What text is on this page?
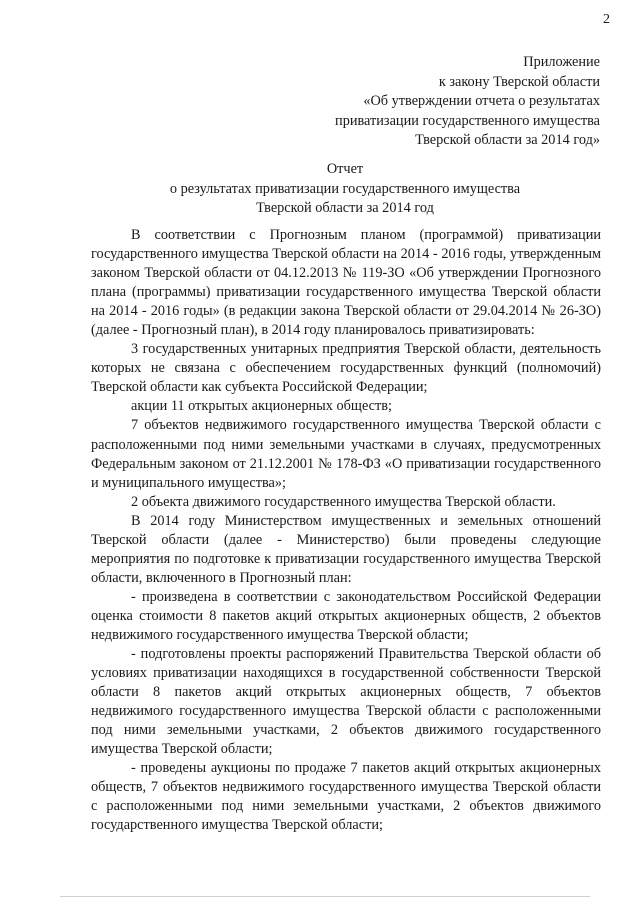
2
Приложение
к закону Тверской области
«Об утверждении отчета о результатах
приватизации государственного имущества
Тверской области за 2014 год»
Отчет
о результатах приватизации государственного имущества
Тверской области за 2014 год

В соответствии с Прогнозным планом (программой) приватизации государственного имущества Тверской области на 2014 - 2016 годы, утвержденным законом Тверской области от 04.12.2013 № 119-ЗО «Об утверждении Прогнозного плана (программы) приватизации государственного имущества Тверской области на 2014 - 2016 годы» (в редакции закона Тверской области от 29.04.2014 № 26-ЗО) (далее - Прогнозный план), в 2014 году планировалось приватизировать:

3 государственных унитарных предприятия Тверской области, деятельность которых не связана с обеспечением государственных функций (полномочий) Тверской области как субъекта Российской Федерации;

акции 11 открытых акционерных обществ;

7 объектов недвижимого государственного имущества Тверской области с расположенными под ними земельными участками в случаях, предусмотренных Федеральным законом от 21.12.2001 № 178-ФЗ «О приватизации государственного и муниципального имущества»;

2 объекта движимого государственного имущества Тверской области.

В 2014 году Министерством имущественных и земельных отношений Тверской области (далее - Министерство) были проведены следующие мероприятия по подготовке к приватизации государственного имущества Тверской области, включенного в Прогнозный план:

- произведена в соответствии с законодательством Российской Федерации оценка стоимости 8 пакетов акций открытых акционерных обществ, 2 объектов недвижимого государственного имущества Тверской области;

- подготовлены проекты распоряжений Правительства Тверской области об условиях приватизации находящихся в государственной собственности Тверской области 8 пакетов акций открытых акционерных обществ, 7 объектов недвижимого государственного имущества Тверской области с расположенными под ними земельными участками, 2 объектов движимого государственного имущества Тверской области;

- проведены аукционы по продаже 7 пакетов акций открытых акционерных обществ, 7 объектов недвижимого государственного имущества Тверской области с расположенными под ними земельными участками, 2 объектов движимого государственного имущества Тверской области;
